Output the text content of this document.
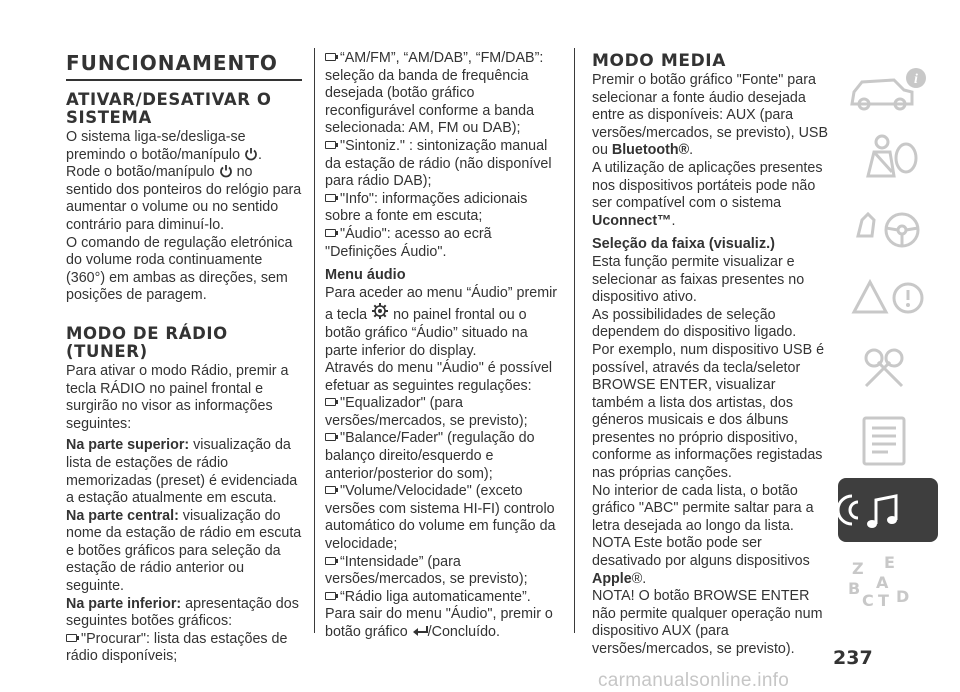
FUNCIONAMENTO
ATIVAR/DESATIVAR O SISTEMA

O sistema liga-se/desliga-se premindo o botão/manípulo .

Rode o botão/manípulo  no sentido dos ponteiros do relógio para aumentar o volume ou no sentido contrário para diminuí-lo.

O comando de regulação eletrónica do volume roda continuamente (360°) em ambas as direções, sem posições de paragem.

MODO DE RÁDIO (TUNER)

Para ativar o modo Rádio, premir a tecla RÁDIO no painel frontal e surgirão no visor as informações seguintes:

Na parte superior: visualização da lista de estações de rádio memorizadas (preset) é evidenciada a estação atualmente em escuta.

Na parte central: visualização do nome da estação de rádio em escuta e botões gráficos para seleção da estação de rádio anterior ou seguinte.

Na parte inferior: apresentação dos seguintes botões gráficos:

"Procurar": lista das estações de rádio disponíveis;

“AM/FM”, “AM/DAB”, “FM/DAB”: seleção da banda de frequência desejada (botão gráfico reconfigurável conforme a banda selecionada: AM, FM ou DAB);

"Sintoniz." : sintonização manual da estação de rádio (não disponível para rádio DAB);

"Info": informações adicionais sobre a fonte em escuta;

"Áudio": acesso ao ecrã "Definições Áudio".

Menu áudio

Para aceder ao menu “Áudio” premir a tecla no painel frontal ou o botão gráfico “Áudio” situado na parte inferior do display.

Através do menu "Áudio" é possível efetuar as seguintes regulações:

"Equalizador" (para versões/mercados, se previsto);

"Balance/Fader" (regulação do balanço direito/esquerdo e anterior/posterior do som);

"Volume/Velocidade" (exceto versões com sistema HI-FI) controlo automático do volume em função da velocidade;

“Intensidade” (para versões/mercados, se previsto);

“Rádio liga automaticamente”.

Para sair do menu "Áudio", premir o botão gráfico /Concluído.

MODO MEDIA

Premir o botão gráfico "Fonte" para selecionar a fonte áudio desejada entre as disponíveis: AUX (para versões/mercados, se previsto), USB ou Bluetooth®.

A utilização de aplicações presentes nos dispositivos portáteis pode não ser compatível com o sistema Uconnect™.

Seleção da faixa (visualiz.)

Esta função permite visualizar e selecionar as faixas presentes no dispositivo ativo.

As possibilidades de seleção dependem do dispositivo ligado.

Por exemplo, num dispositivo USB é possível, através da tecla/seletor BROWSE ENTER, visualizar também a lista dos artistas, dos géneros musicais e dos álbuns presentes no próprio dispositivo, conforme as informações registadas nas próprias canções.

No interior de cada lista, o botão gráfico "ABC" permite saltar para a letra desejada ao longo da lista.

NOTA Este botão pode ser desativado por alguns dispositivos Apple®.

NOTA! O botão BROWSE ENTER não permite qualquer operação num dispositivo AUX (para versões/mercados, se previsto).

i
Z E
B A
C T D
237
carmanualsonline.info
